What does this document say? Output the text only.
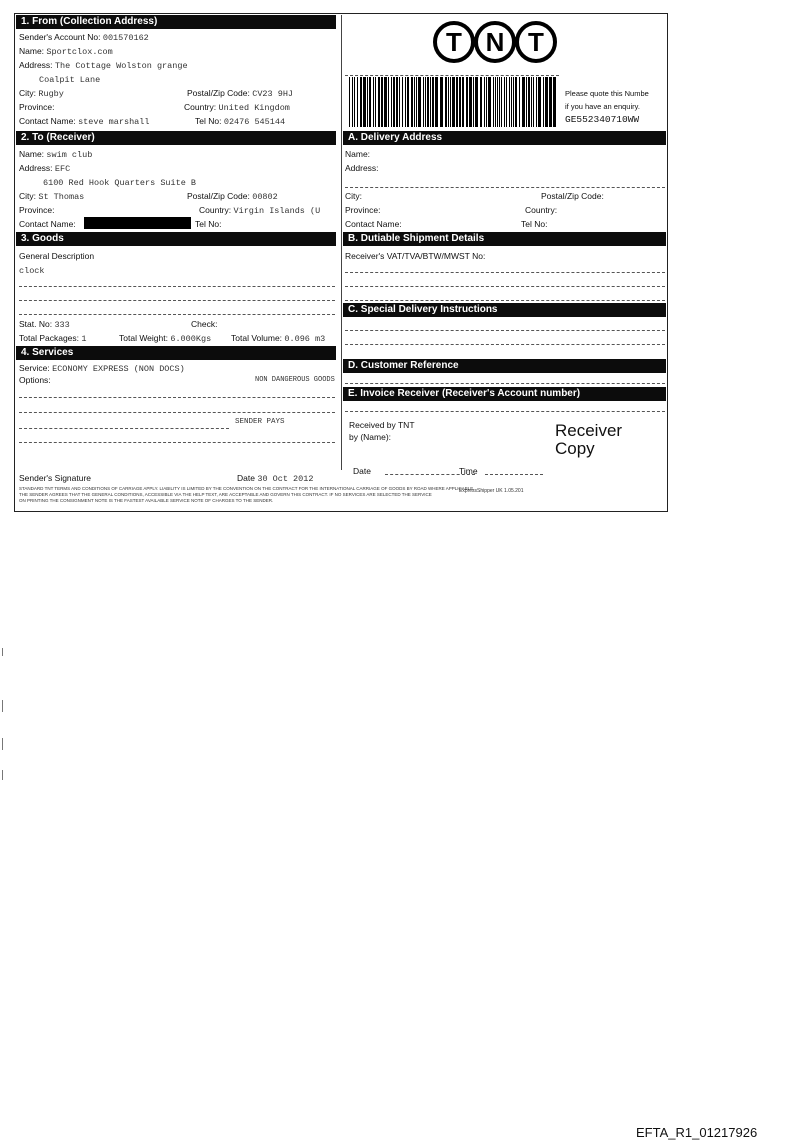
1. From (Collection Address)
Sender's Account No: 001570162
Name: Sportclox.com
Address: The Cottage Wolston grange
Coalpit Lane
City: Rugby	Postal/Zip Code: CV23 9HJ
Province:	Country: United Kingdom
Contact Name: steve marshall	Tel No: 02476 545144
2. To (Receiver)
Name: swim club
Address: EFC
6100 Red Hook Quarters Suite B
City: St Thomas	Postal/Zip Code: 00802
Province:	Country: Virgin Islands (U
Contact Name:	Tel No:
3. Goods
General Description
clock
Stat. No: 333	Check:
Total Packages: 1	Total Weight: 6.000Kgs Total Volume: 0.096 m3
4. Services
Service: ECONOMY EXPRESS (NON DOCS)
Options:	NON DANGEROUS GOODS
SENDER PAYS
Sender's Signature	Date 30 Oct 2012
T N T
Please quote this Numbe
if you have an enquiry.
GE552340710WW
A. Delivery Address
Name:
Address:
City:	Postal/Zip Code:
Province:	Country:
Contact Name:	Tel No:
B. Dutiable Shipment Details
Receiver's VAT/TVA/BTW/MWST No:
C. Special Delivery Instructions
D. Customer Reference
E. Invoice Receiver (Receiver's Account number)
Received by TNT
by (Name):	Receiver
Copy
Date	Time
STANDARD TNT TERMS AND CONDITIONS OF CARRIAGE APPLY. LIABILITY IS LIMITED BY THE CONVENTION ON THE CONTRACT FOR THE INTERNATIONAL CARRIAGE OF GOODS BY ROAD WHERE APPLICABLE.
THE SENDER AGREES THAT THE GENERAL CONDITIONS, ACCESSIBLE VIA THE HELP TEXT, ARE ACCEPTABLE AND GOVERN THIS CONTRACT. IF NO SERVICES ARE SELECTED THE SERVICE
ON PRINTING THE CONSIGNMENT NOTE IS THE FASTEST AVAILABLE SERVICE NOTE OF CHARGES TO THE SENDER.
ExpressShipper UK 1.05.201
EFTA_R1_01217926
